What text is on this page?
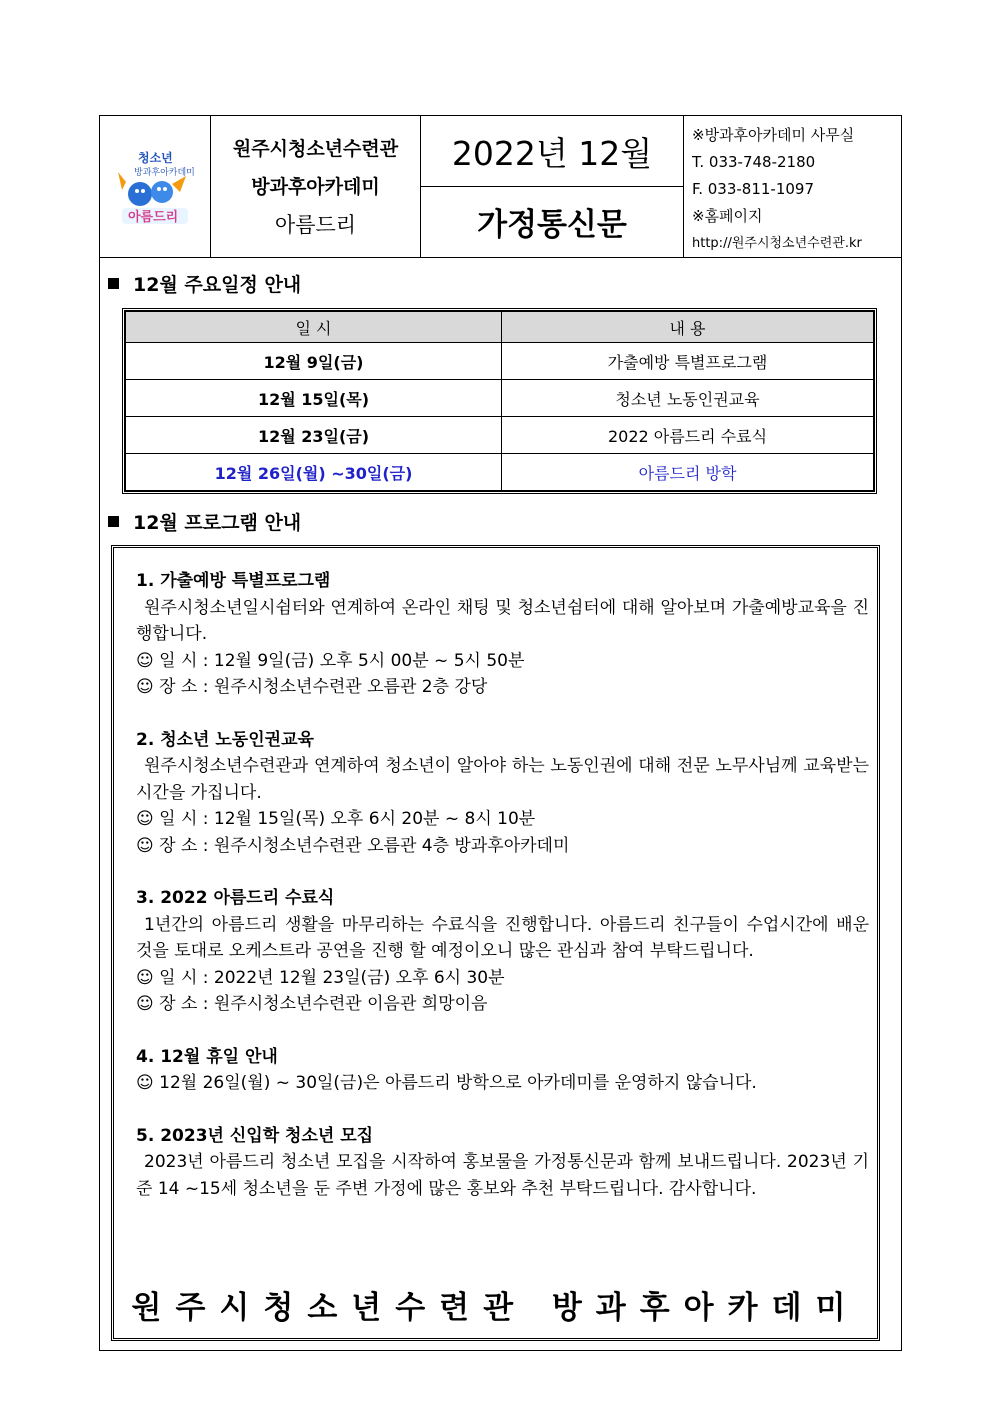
청소년
방과후아카데미
아름드리
원주시청소년수련관
방과후아카데미
아름드리
2022년 12월
가정통신문
※방과후아카데미 사무실
T. 033-748-2180
F. 033-811-1097
※홈페이지
http://원주시청소년수련관.kr
12월 주요일정 안내
일 시	내 용
12월 9일(금)	가출예방 특별프로그램
12월 15일(목)	청소년 노동인권교육
12월 23일(금)	2022 아름드리 수료식
12월 26일(월) ~30일(금)	아름드리 방학
12월 프로그램 안내
1. 가출예방 특별프로그램
원주시청소년일시쉼터와 연계하여 온라인 채팅 및 청소년쉼터에 대해 알아보며 가출예방교육을 진행합니다.
☺ 일 시 : 12월 9일(금) 오후 5시 00분 ~ 5시 50분
☺ 장 소 : 원주시청소년수련관 오름관 2층 강당
2. 청소년 노동인권교육
원주시청소년수련관과 연계하여 청소년이 알아야 하는 노동인권에 대해 전문 노무사님께 교육받는 시간을 가집니다.
☺ 일 시 : 12월 15일(목) 오후 6시 20분 ~ 8시 10분
☺ 장 소 : 원주시청소년수련관 오름관 4층 방과후아카데미
3. 2022 아름드리 수료식
1년간의 아름드리 생활을 마무리하는 수료식을 진행합니다. 아름드리 친구들이 수업시간에 배운 것을 토대로 오케스트라 공연을 진행 할 예정이오니 많은 관심과 참여 부탁드립니다.
☺ 일 시 : 2022년 12월 23일(금) 오후 6시 30분
☺ 장 소 : 원주시청소년수련관 이음관 희망이음
4. 12월 휴일 안내
☺ 12월 26일(월) ~ 30일(금)은 아름드리 방학으로 아카데미를 운영하지 않습니다.
5. 2023년 신입학 청소년 모집
2023년 아름드리 청소년 모집을 시작하여 홍보물을 가정통신문과 함께 보내드립니다. 2023년 기준 14 ~15세 청소년을 둔 주변 가정에 많은 홍보와 추천 부탁드립니다. 감사합니다.
원주시청소년수련관 방과후아카데미
